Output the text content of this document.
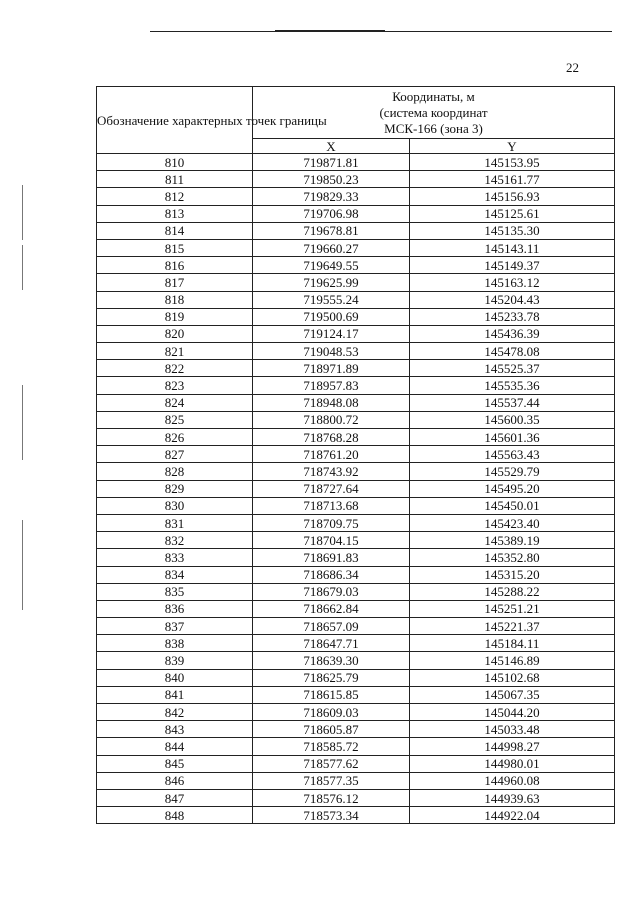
22
Обозначение характерных точек границы	Координаты, м
(система координат
МСК-166 (зона 3)	

	X	Y
810	719871.81	145153.95
811	719850.23	145161.77
812	719829.33	145156.93
813	719706.98	145125.61
814	719678.81	145135.30
815	719660.27	145143.11
816	719649.55	145149.37
817	719625.99	145163.12
818	719555.24	145204.43
819	719500.69	145233.78
820	719124.17	145436.39
821	719048.53	145478.08
822	718971.89	145525.37
823	718957.83	145535.36
824	718948.08	145537.44
825	718800.72	145600.35
826	718768.28	145601.36
827	718761.20	145563.43
828	718743.92	145529.79
829	718727.64	145495.20
830	718713.68	145450.01
831	718709.75	145423.40
832	718704.15	145389.19
833	718691.83	145352.80
834	718686.34	145315.20
835	718679.03	145288.22
836	718662.84	145251.21
837	718657.09	145221.37
838	718647.71	145184.11
839	718639.30	145146.89
840	718625.79	145102.68
841	718615.85	145067.35
842	718609.03	145044.20
843	718605.87	145033.48
844	718585.72	144998.27
845	718577.62	144980.01
846	718577.35	144960.08
847	718576.12	144939.63
848	718573.34	144922.04
